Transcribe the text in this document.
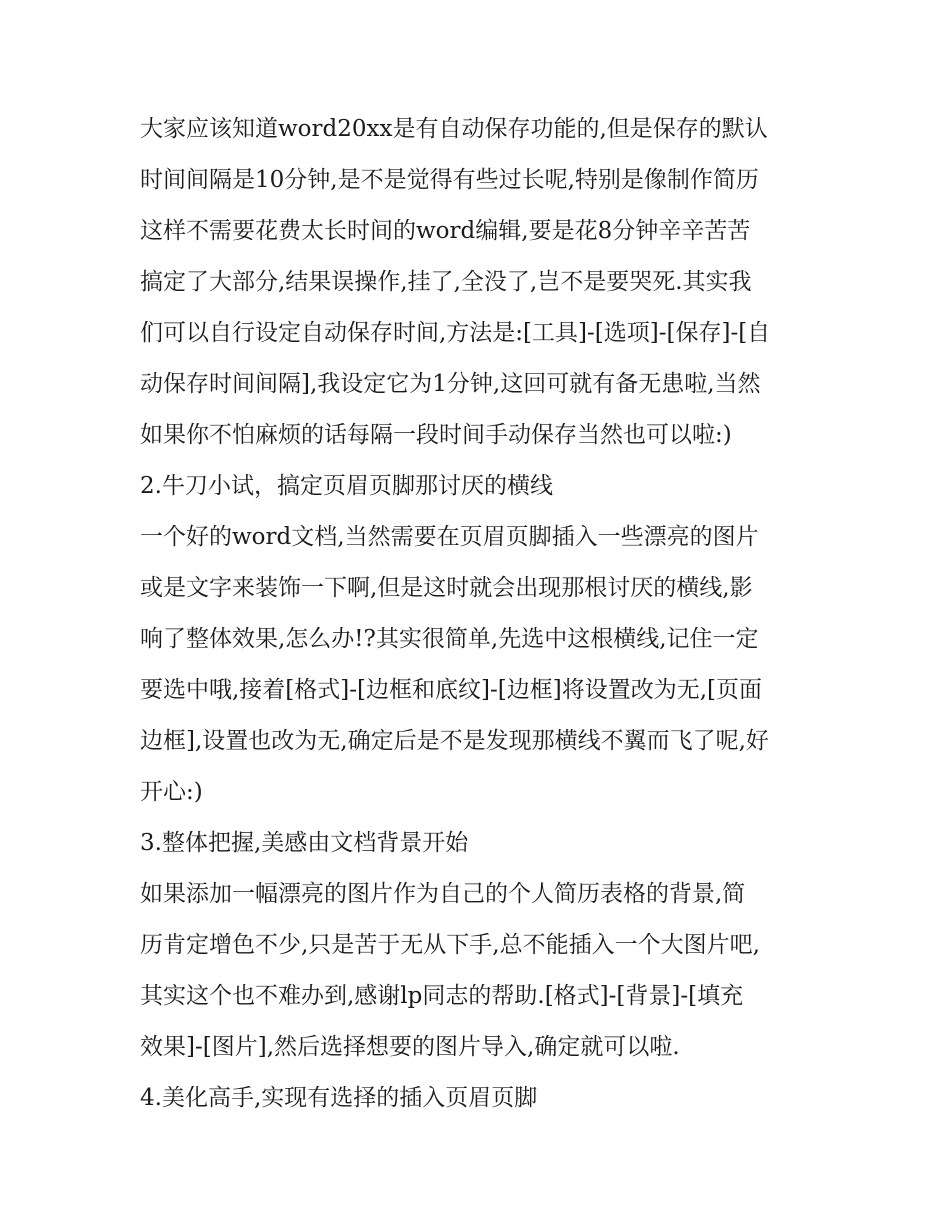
大家应该知道word20xx是有自动保存功能的,但是保存的默认
时间间隔是10分钟,是不是觉得有些过长呢,特别是像制作简历
这样不需要花费太长时间的word编辑,要是花8分钟辛辛苦苦
搞定了大部分,结果误操作,挂了,全没了,岂不是要哭死.其实我
们可以自行设定自动保存时间,方法是:[工具]-[选项]-[保存]-[自
动保存时间间隔],我设定它为1分钟,这回可就有备无患啦,当然
如果你不怕麻烦的话每隔一段时间手动保存当然也可以啦:)
2.牛刀小试，搞定页眉页脚那讨厌的横线
一个好的word文档,当然需要在页眉页脚插入一些漂亮的图片
或是文字来装饰一下啊,但是这时就会出现那根讨厌的横线,影
响了整体效果,怎么办!?其实很简单,先选中这根横线,记住一定
要选中哦,接着[格式]-[边框和底纹]-[边框]将设置改为无,[页面
边框],设置也改为无,确定后是不是发现那横线不翼而飞了呢,好
开心:)
3.整体把握,美感由文档背景开始
如果添加一幅漂亮的图片作为自己的个人简历表格的背景,简
历肯定增色不少,只是苦于无从下手,总不能插入一个大图片吧,
其实这个也不难办到,感谢lp同志的帮助.[格式]-[背景]-[填充
效果]-[图片],然后选择想要的图片导入,确定就可以啦.
4.美化高手,实现有选择的插入页眉页脚
